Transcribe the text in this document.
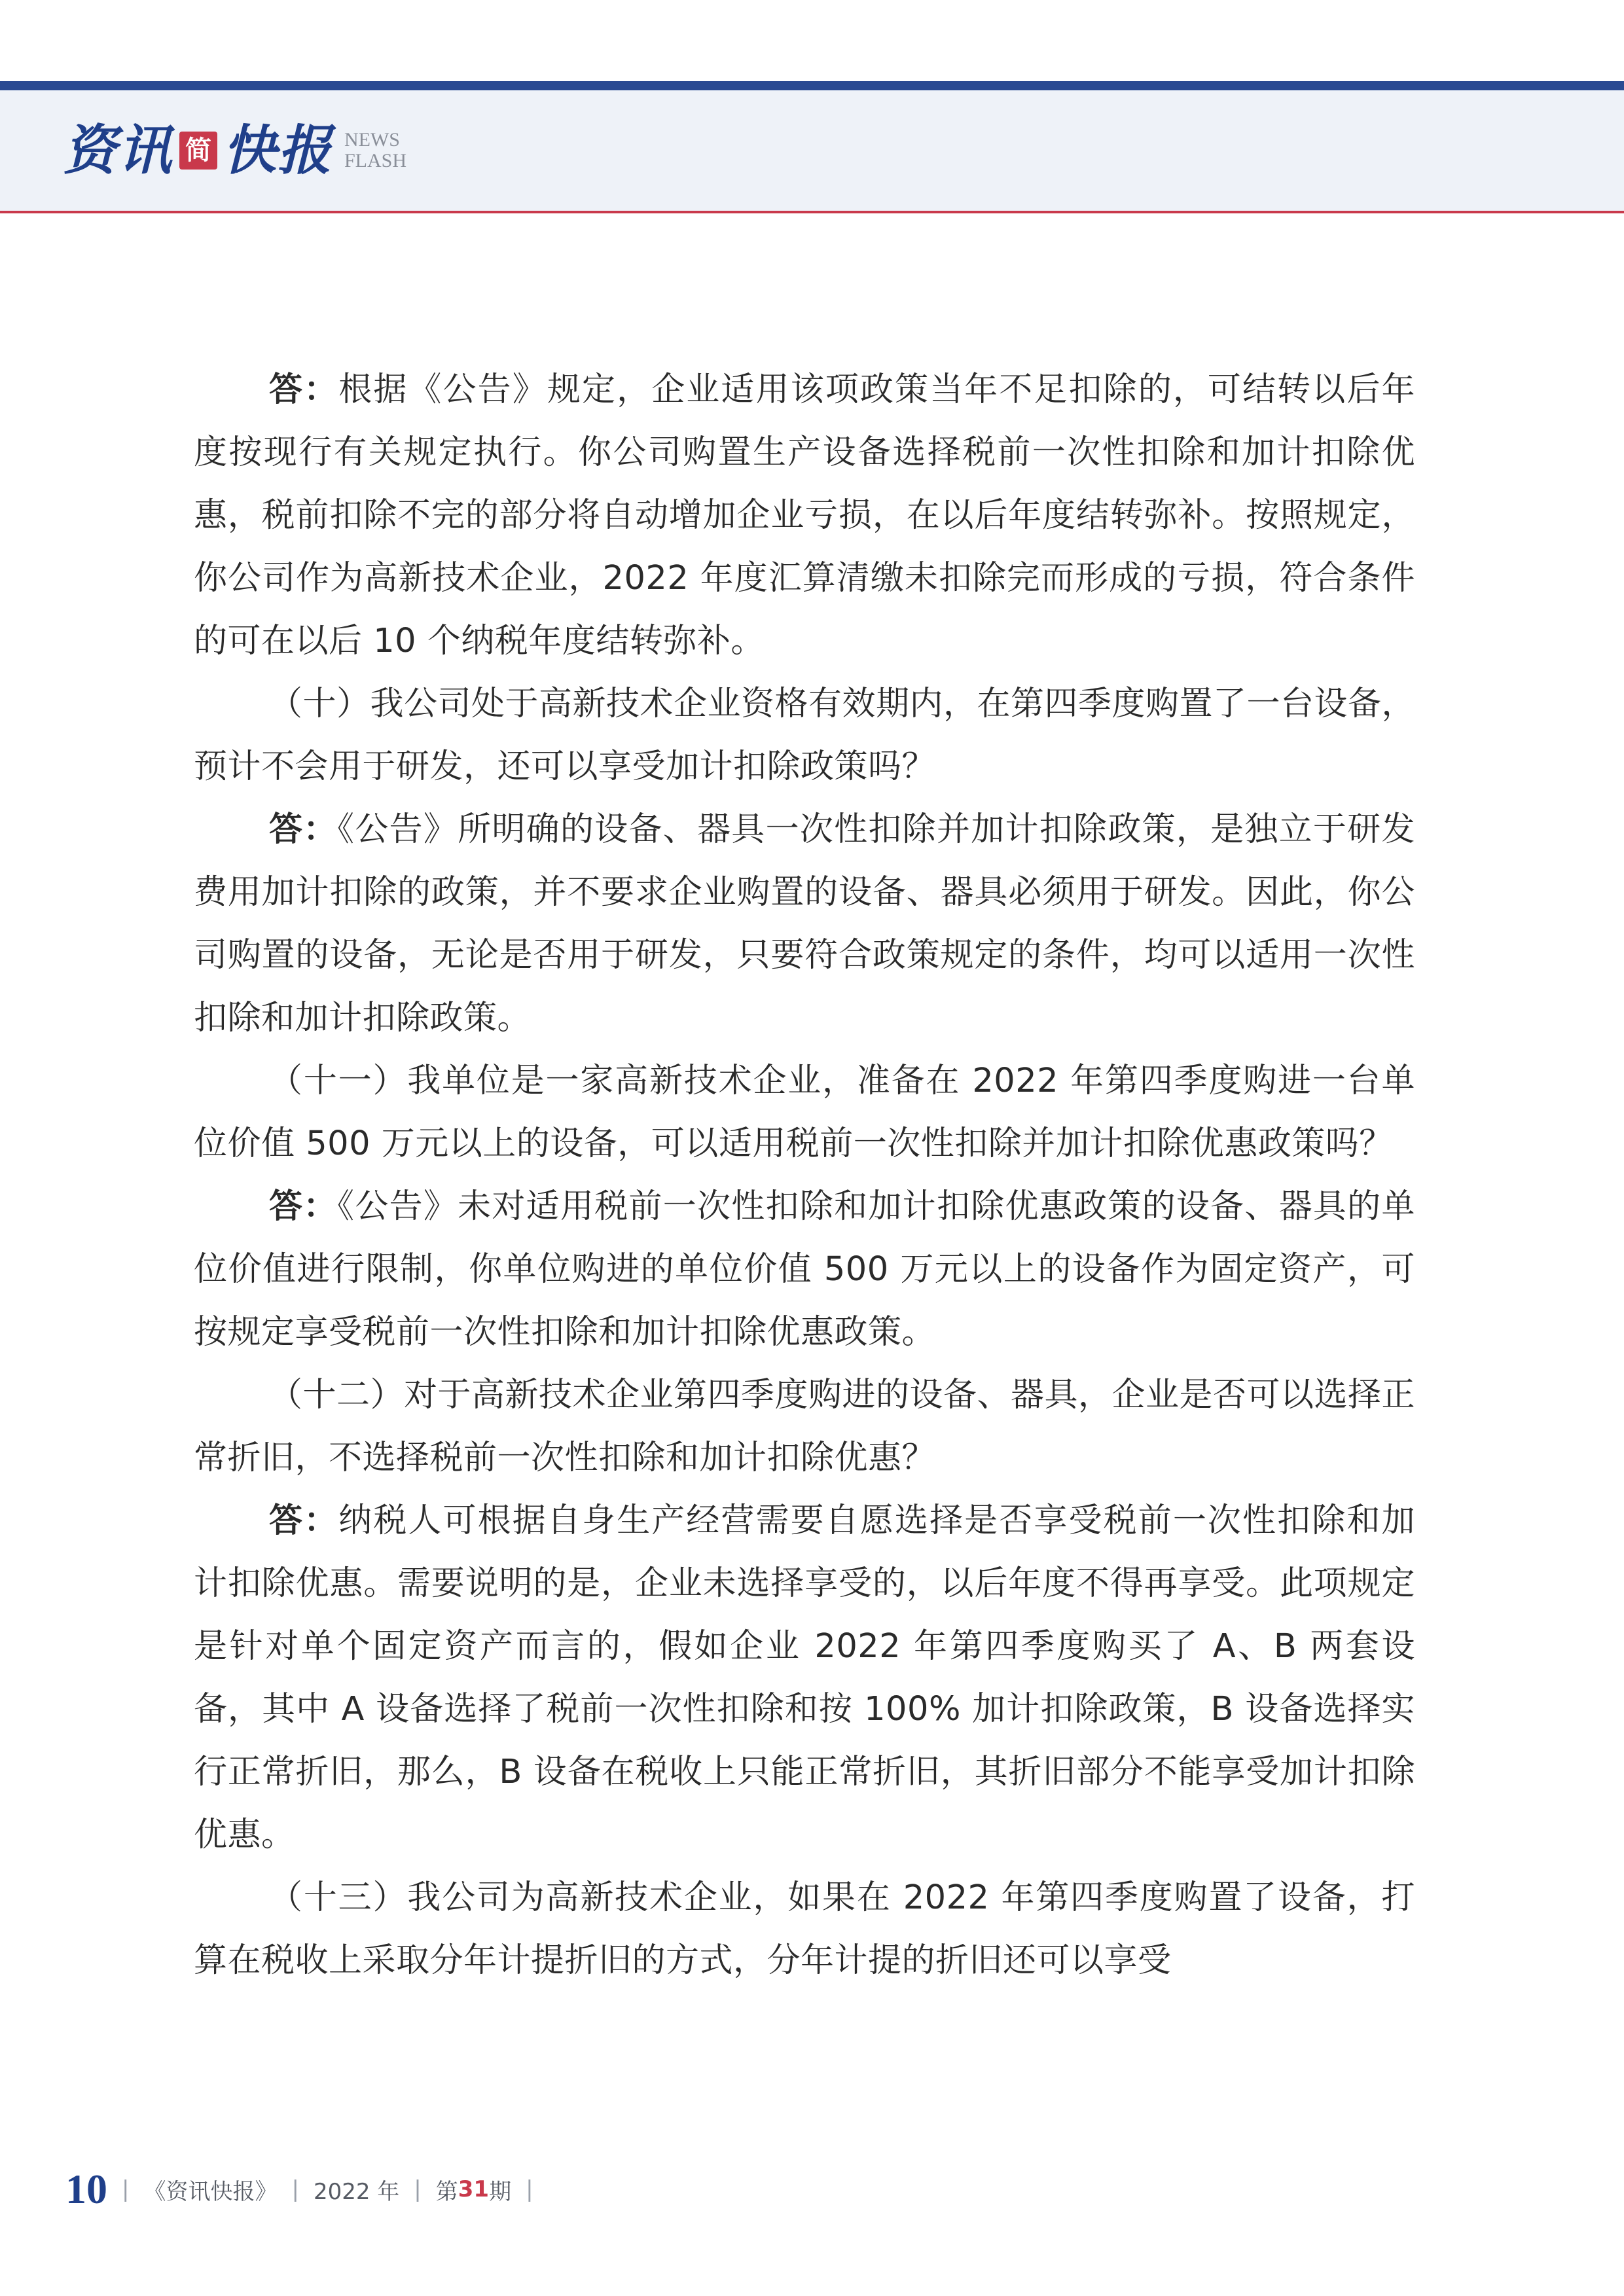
资讯 简 快报 NEWS
FLASH

答：根据《公告》规定，企业适用该项政策当年不足扣除的，可结转以后年度按现行有关规定执行。你公司购置生产设备选择税前一次性扣除和加计扣除优惠，税前扣除不完的部分将自动增加企业亏损，在以后年度结转弥补。按照规定，你公司作为高新技术企业，2022 年度汇算清缴未扣除完而形成的亏损，符合条件的可在以后 10 个纳税年度结转弥补。

（十）我公司处于高新技术企业资格有效期内，在第四季度购置了一台设备，预计不会用于研发，还可以享受加计扣除政策吗？

答：《公告》所明确的设备、器具一次性扣除并加计扣除政策，是独立于研发费用加计扣除的政策，并不要求企业购置的设备、器具必须用于研发。因此，你公司购置的设备，无论是否用于研发，只要符合政策规定的条件，均可以适用一次性扣除和加计扣除政策。

（十一）我单位是一家高新技术企业，准备在 2022 年第四季度购进一台单位价值 500 万元以上的设备，可以适用税前一次性扣除并加计扣除优惠政策吗？

答：《公告》未对适用税前一次性扣除和加计扣除优惠政策的设备、器具的单位价值进行限制，你单位购进的单位价值 500 万元以上的设备作为固定资产，可按规定享受税前一次性扣除和加计扣除优惠政策。

（十二）对于高新技术企业第四季度购进的设备、器具，企业是否可以选择正常折旧，不选择税前一次性扣除和加计扣除优惠？

答：纳税人可根据自身生产经营需要自愿选择是否享受税前一次性扣除和加计扣除优惠。需要说明的是，企业未选择享受的，以后年度不得再享受。此项规定是针对单个固定资产而言的，假如企业 2022 年第四季度购买了 A、B 两套设备，其中 A 设备选择了税前一次性扣除和按 100% 加计扣除政策，B 设备选择实行正常折旧，那么，B 设备在税收上只能正常折旧，其折旧部分不能享受加计扣除优惠。

（十三）我公司为高新技术企业，如果在 2022 年第四季度购置了设备，打算在税收上采取分年计提折旧的方式，分年计提的折旧还可以享受

10 | 《资讯快报》 | 2022 年 | 第 31 期 |
